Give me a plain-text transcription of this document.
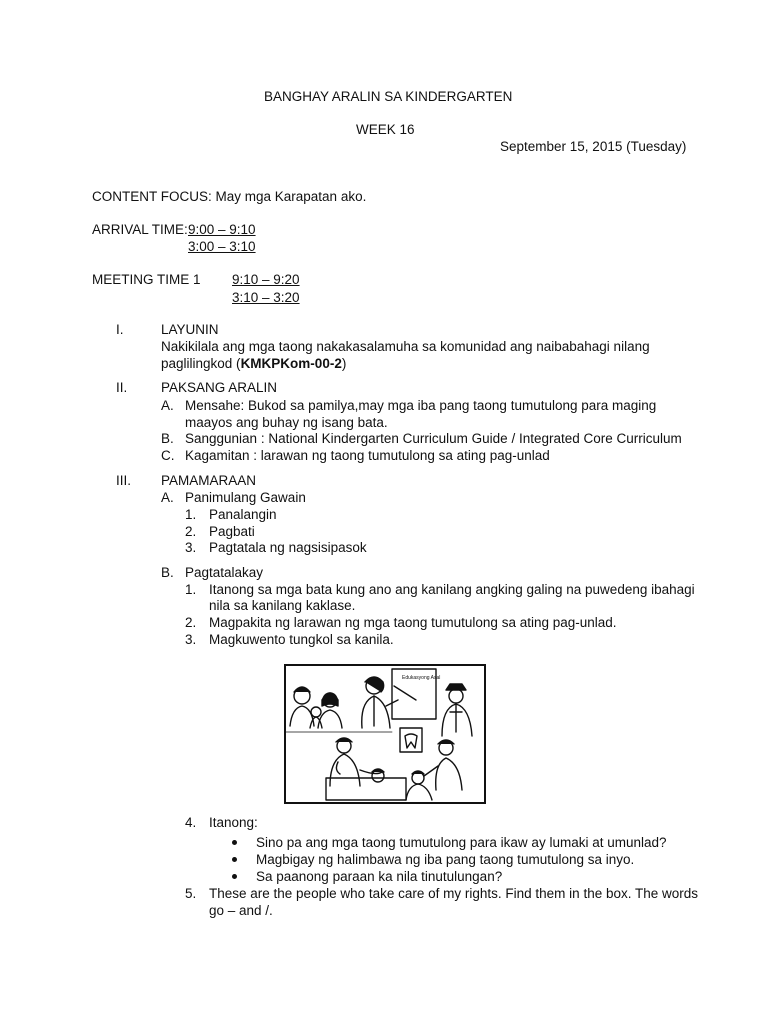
BANGHAY ARALIN SA KINDERGARTEN
WEEK 16
September 15, 2015 (Tuesday)
CONTENT FOCUS: May mga Karapatan ako.
ARRIVAL TIME: 9:00 – 9:10
3:00 – 3:10
MEETING TIME 1 9:10 – 9:20
3:10 – 3:20
I.	LAYUNIN
Nakikilala ang mga taong nakakasalamuha sa komunidad ang naibabahagi nilang
paglilingkod (KMKPKom-00-2)
II. PAKSANG ARALIN
A. Mensahe: Bukod sa pamilya,may mga iba pang taong tumutulong para maging
maayos ang buhay ng isang bata.
B. Sanggunian : National Kindergarten Curriculum Guide / Integrated Core Curriculum
C. Kagamitan : larawan ng taong tumutulong sa ating pag-unlad
III. PAMAMARAAN
A. Panimulang Gawain
1. Panalangin
2. Pagbati
3. Pagtatala ng nagsisipasok
B. Pagtatalakay
1. Itanong sa mga bata kung ano ang kanilang angking galing na puwedeng ibahagi
nila sa kanilang kaklase.
2. Magpakita ng larawan ng mga taong tumutulong sa ating pag-unlad.
3. Magkuwento tungkol sa kanila.
Edukasyong Asal
4. Itanong:
Sino pa ang mga taong tumutulong para ikaw ay lumaki at umunlad?
Magbigay ng halimbawa ng iba pang taong tumutulong sa inyo.
Sa paanong paraan ka nila tinutulungan?
5. These are the people who take care of my rights. Find them in the box. The words
go – and /.
